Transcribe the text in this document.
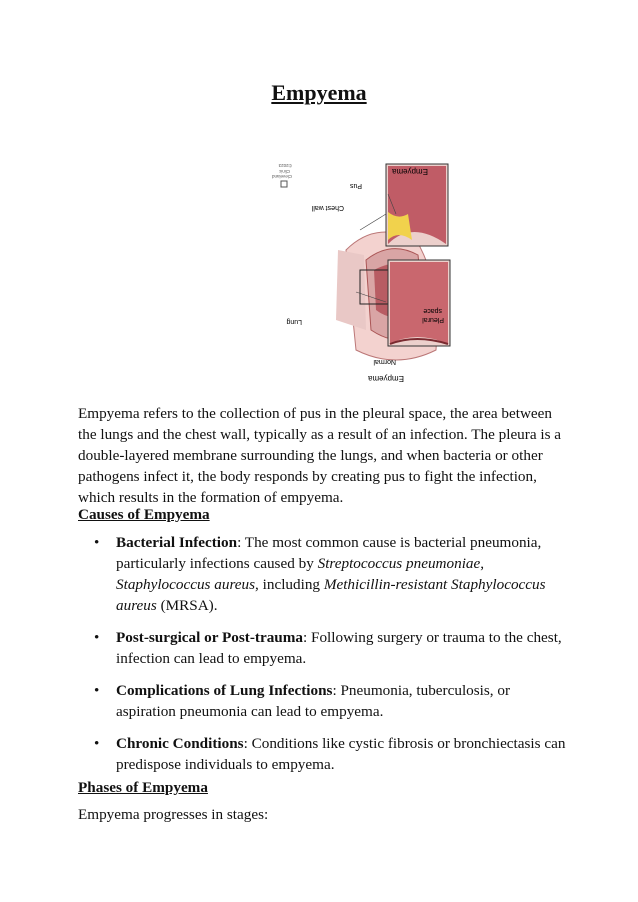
Empyema
Empyema
Pus
Chest wall
Lung	Pleural
space
Normal
Empyema
©2023
Clinic
Cleveland

Empyema refers to the collection of pus in the pleural space, the area between the lungs and the chest wall, typically as a result of an infection. The pleura is a double-layered membrane surrounding the lungs, and when bacteria or other pathogens infect it, the body responds by creating pus to fight the infection, which results in the formation of empyema.

Causes of Empyema

• Bacterial Infection: The most common cause is bacterial pneumonia, particularly infections caused by Streptococcus pneumoniae, Staphylococcus aureus, including Methicillin-resistant Staphylococcus aureus (MRSA).
• Post-surgical or Post-trauma: Following surgery or trauma to the chest, infection can lead to empyema.
• Complications of Lung Infections: Pneumonia, tuberculosis, or aspiration pneumonia can lead to empyema.
• Chronic Conditions: Conditions like cystic fibrosis or bronchiectasis can predispose individuals to empyema.

Phases of Empyema

Empyema progresses in stages:
